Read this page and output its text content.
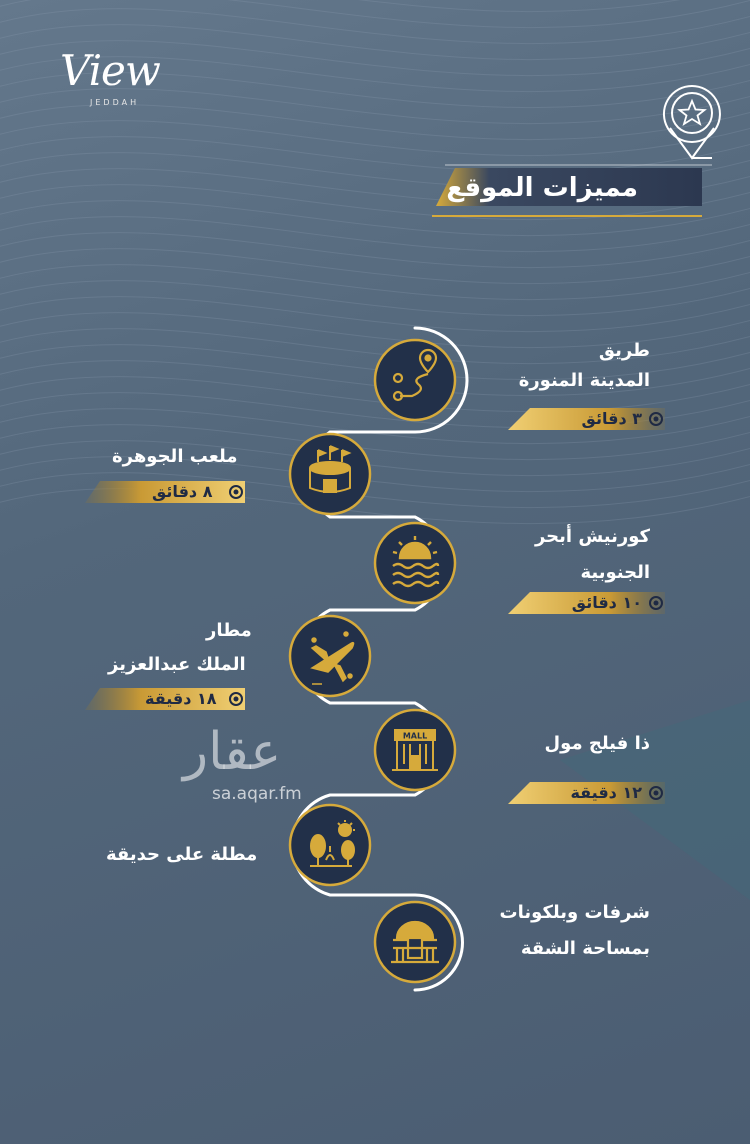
MALL
View
JEDDAH
مميزات الموقع
طريق
المدينة المنورة
٣ دقائق
ملعب الجوهرة
٨ دقائق
كورنيش أبحر
الجنوبية
١٠ دقائق
مطار
الملك عبدالعزيز
١٨ دقيقة
ذا فيلج مول
١٢ دقيقة
مطلة على حديقة
شرفات وبلكونات
بمساحة الشقة
عقار
sa.aqar.fm
